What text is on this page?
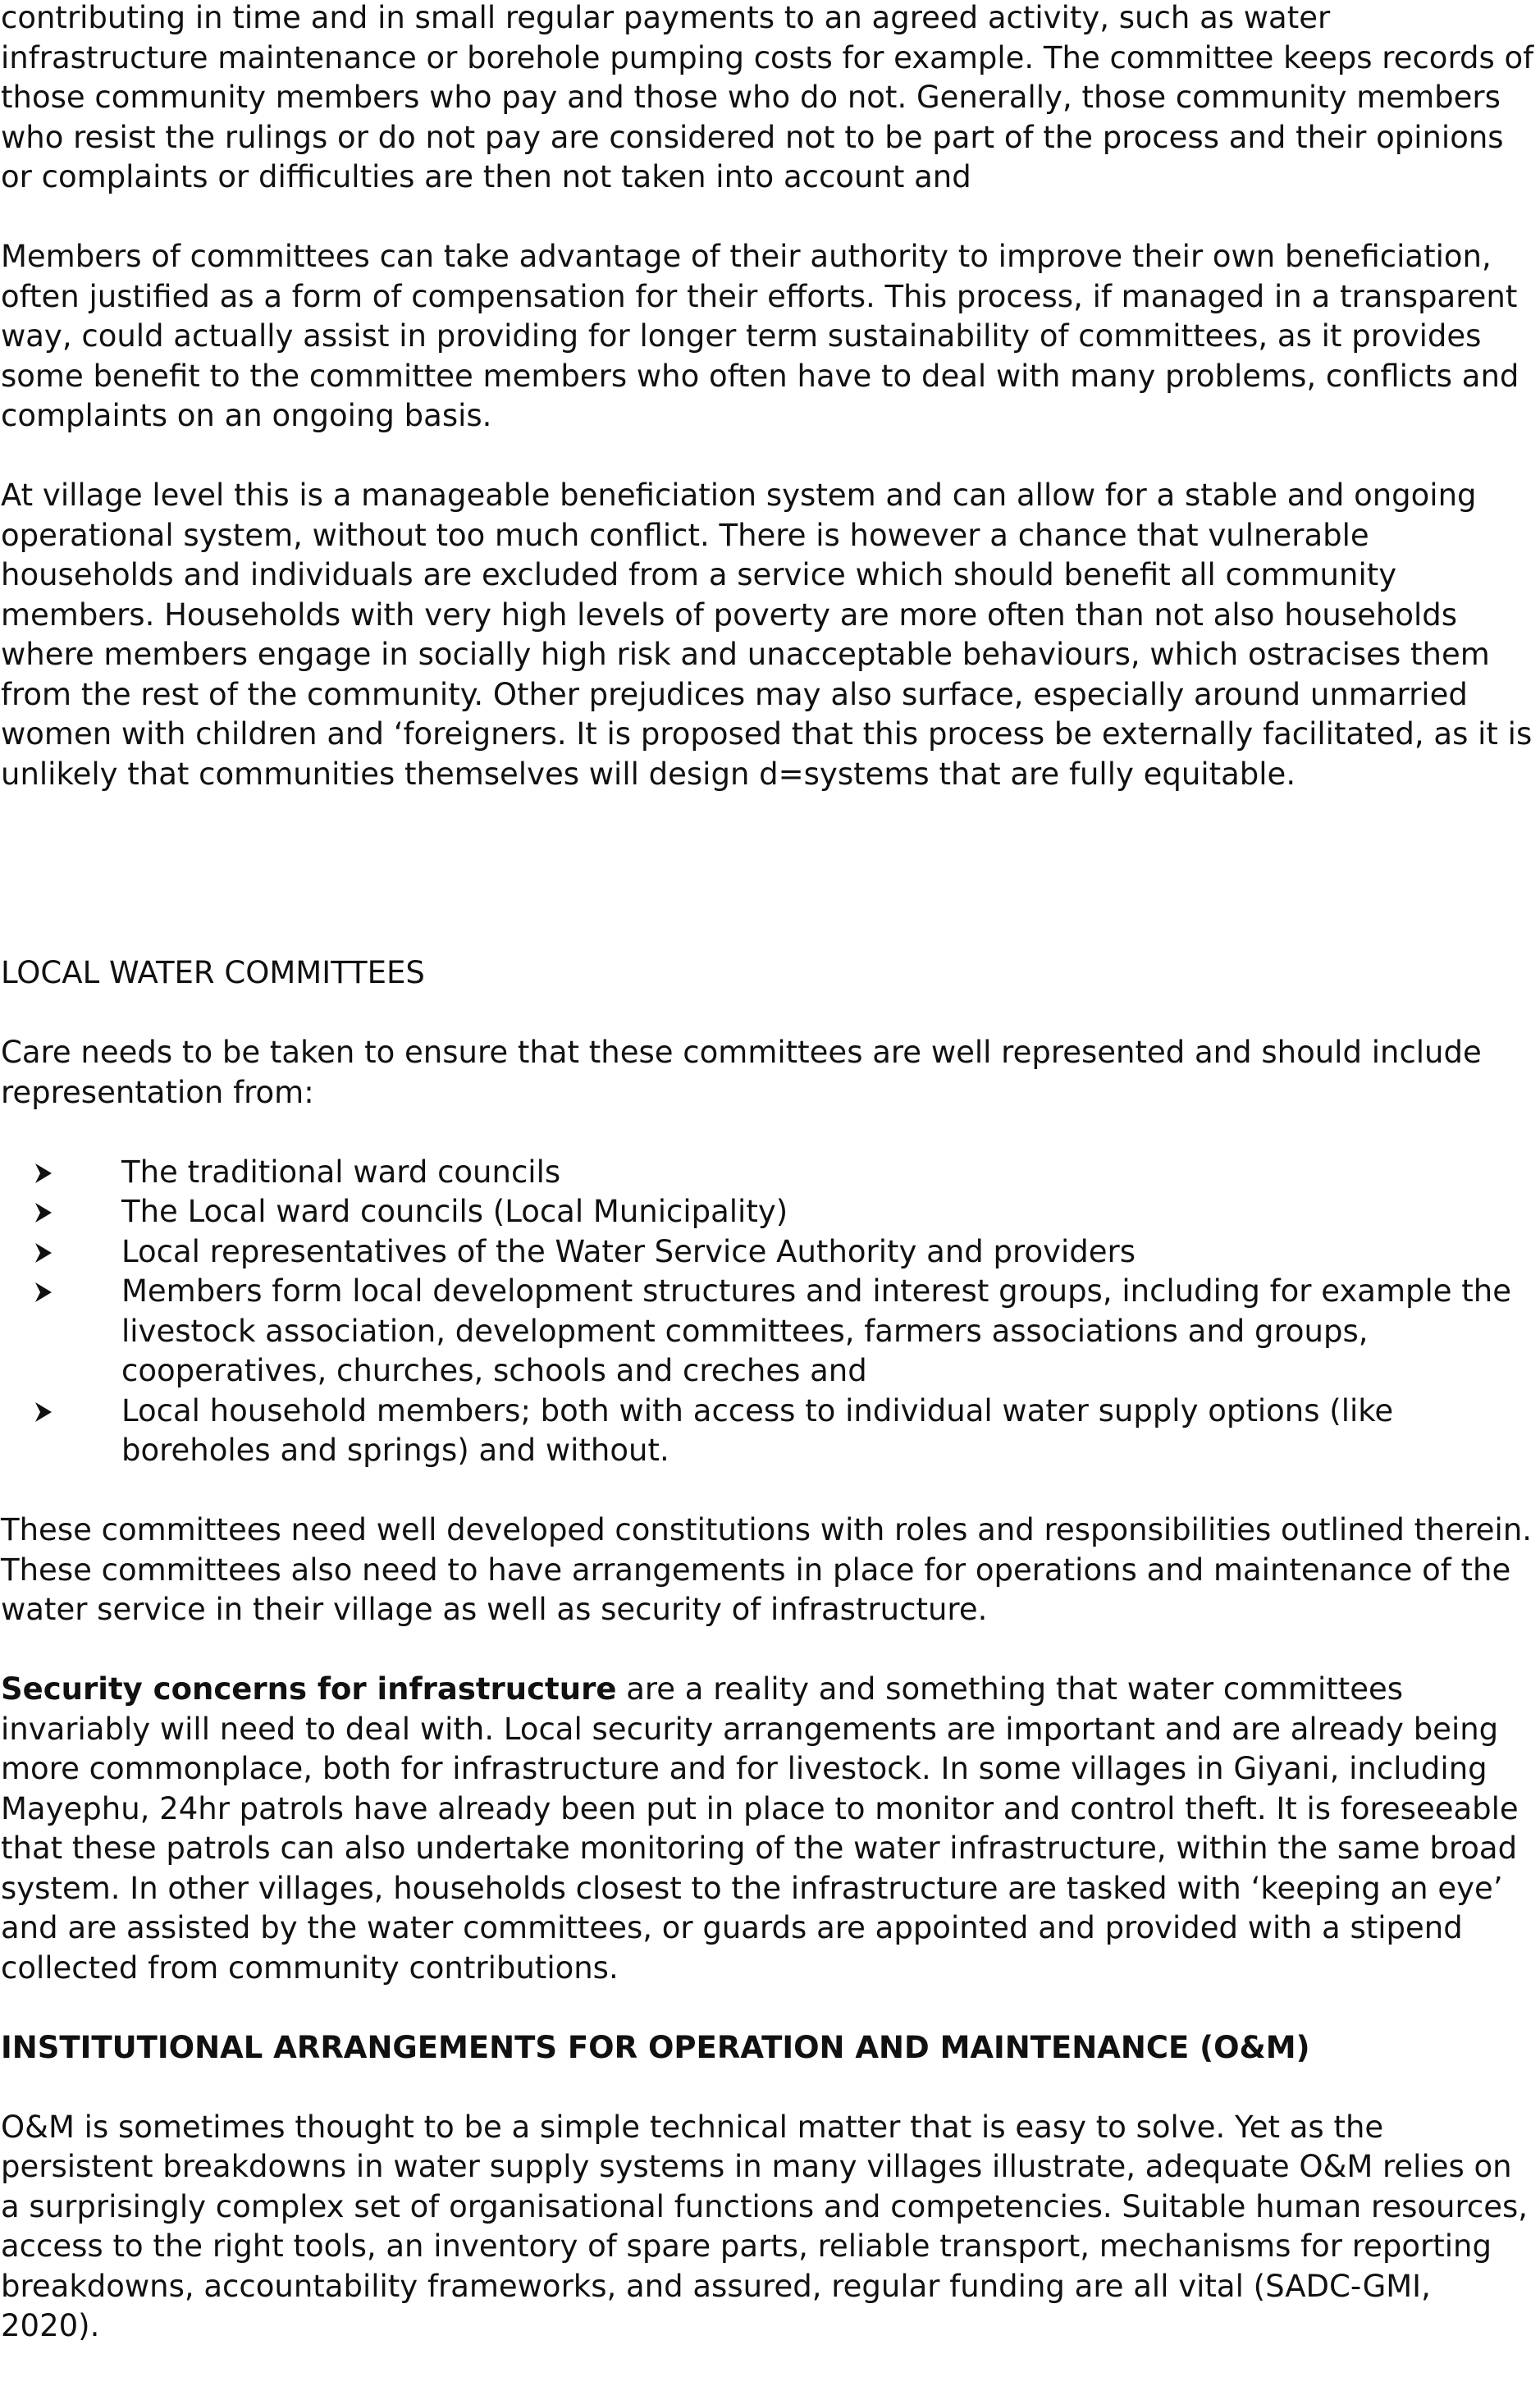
contributing in time and in small regular payments to an agreed activity, such as water infrastructure maintenance or borehole pumping costs for example. The committee keeps records of those community members who pay and those who do not. Generally, those community members who resist the rulings or do not pay are considered not to be part of the process and their opinions or complaints or difficulties are then not taken into account and

Members of committees can take advantage of their authority to improve their own beneficiation, often justified as a form of compensation for their efforts. This process, if managed in a transparent way, could actually assist in providing for longer term sustainability of committees, as it provides some benefit to the committee members who often have to deal with many problems, conflicts and complaints on an ongoing basis.

At village level this is a manageable beneficiation system and can allow for a stable and ongoing operational system, without too much conflict. There is however a chance that vulnerable households and individuals are excluded from a service which should benefit all community members. Households with very high levels of poverty are more often than not also households where members engage in socially high risk and unacceptable behaviours, which ostracises them from the rest of the community. Other prejudices may also surface, especially around unmarried women with children and ‘foreigners. It is proposed that this process be externally facilitated, as it is unlikely that communities themselves will design d=systems that are fully equitable.

LOCAL WATER COMMITTEES

Care needs to be taken to ensure that these committees are well represented and should include representation from:

The traditional ward councils
The Local ward councils (Local Municipality)
Local representatives of the Water Service Authority and providers
Members form local development structures and interest groups, including for example the livestock association, development committees, farmers associations and groups, cooperatives, churches, schools and creches and
Local household members; both with access to individual water supply options (like boreholes and springs) and without.

These committees need well developed constitutions with roles and responsibilities outlined therein. These committees also need to have arrangements in place for operations and maintenance of the water service in their village as well as security of infrastructure.

Security concerns for infrastructure are a reality and something that water committees invariably will need to deal with. Local security arrangements are important and are already being more commonplace, both for infrastructure and for livestock. In some villages in Giyani, including Mayephu, 24hr patrols have already been put in place to monitor and control theft. It is foreseeable that these patrols can also undertake monitoring of the water infrastructure, within the same broad system. In other villages, households closest to the infrastructure are tasked with ‘keeping an eye’ and are assisted by the water committees, or guards are appointed and provided with a stipend collected from community contributions.

INSTITUTIONAL ARRANGEMENTS FOR OPERATION AND MAINTENANCE (O&M)

O&M is sometimes thought to be a simple technical matter that is easy to solve. Yet as the persistent breakdowns in water supply systems in many villages illustrate, adequate O&M relies on a surprisingly complex set of organisational functions and competencies. Suitable human resources, access to the right tools, an inventory of spare parts, reliable transport, mechanisms for reporting breakdowns, accountability frameworks, and assured, regular funding are all vital (SADC-GMI, 2020).
